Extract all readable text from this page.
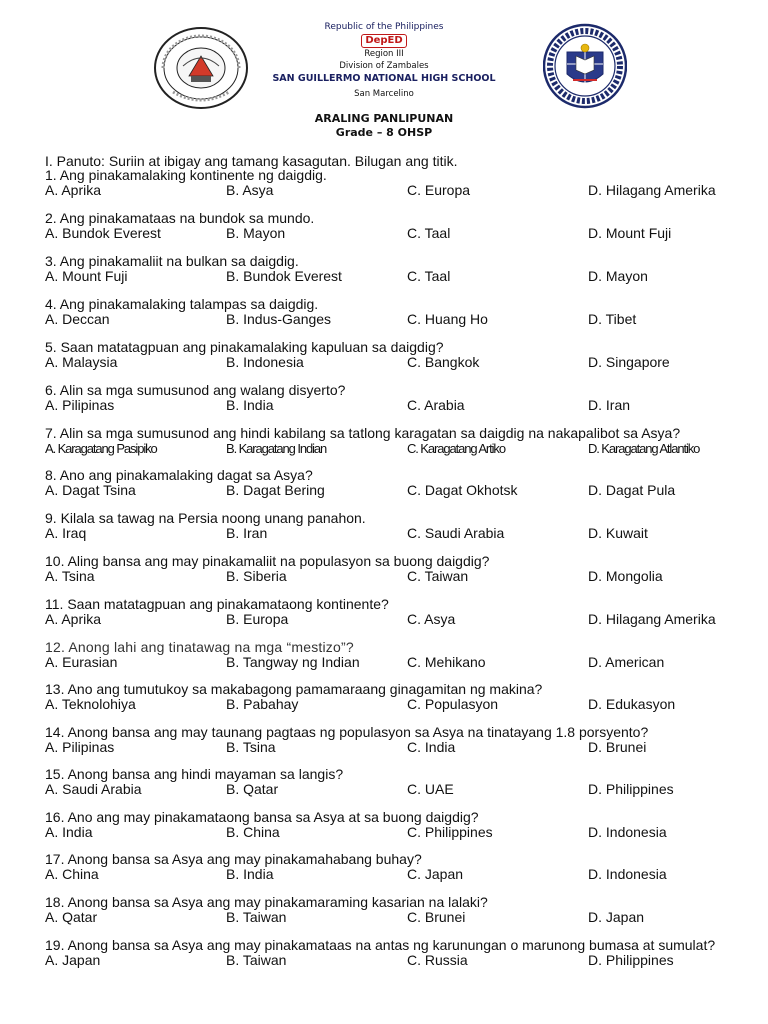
Republic of the Philippines
DepED
Region III
Division of Zambales
SAN GUILLERMO NATIONAL HIGH SCHOOL
San Marcelino
ARALING PANLIPUNAN
Grade – 8 OHSP
I. Panuto: Suriin at ibigay ang tamang kasagutan. Bilugan ang titik.
1. Ang pinakamalaking kontinente ng daigdig.
A. Aprika	B. Asya	C. Europa	D. Hilagang Amerika
2. Ang pinakamataas na bundok sa mundo.
A. Bundok Everest	B. Mayon	C. Taal	D. Mount Fuji
3. Ang pinakamaliit na bulkan sa daigdig.
A. Mount Fuji	B. Bundok Everest	C. Taal	D. Mayon
4. Ang pinakamalaking talampas sa daigdig.
A. Deccan	B. Indus-Ganges	C. Huang Ho	D. Tibet
5. Saan matatagpuan ang pinakamalaking kapuluan sa daigdig?
A. Malaysia	B. Indonesia	C. Bangkok	D. Singapore
6. Alin sa mga sumusunod ang walang disyerto?
A. Pilipinas	B. India	C. Arabia	D. Iran
7. Alin sa mga sumusunod ang hindi kabilang sa tatlong karagatan sa daigdig na nakapalibot sa Asya?
A. Karagatang Pasipiko	B. Karagatang Indian	C. Karagatang Artiko	D. Karagatang Atlantiko
8. Ano ang pinakamalaking dagat sa Asya?
A. Dagat Tsina	B. Dagat Bering	C. Dagat Okhotsk	D. Dagat Pula
9. Kilala sa tawag na Persia noong unang panahon.
A. Iraq	B. Iran	C. Saudi Arabia	D. Kuwait
10. Aling bansa ang may pinakamaliit na populasyon sa buong daigdig?
A. Tsina	B. Siberia	C. Taiwan	D. Mongolia
11. Saan matatagpuan ang pinakamataong kontinente?
A. Aprika	B. Europa	C. Asya	D. Hilagang Amerika
12. Anong lahi ang tinatawag na mga “mestizo”?
A. Eurasian	B. Tangway ng Indian	C. Mehikano	D. American
13. Ano ang tumutukoy sa makabagong pamamaraang ginagamitan ng makina?
A. Teknolohiya	B. Pabahay	C. Populasyon	D. Edukasyon
14. Anong bansa ang may taunang pagtaas ng populasyon sa Asya na tinatayang 1.8 porsyento?
A. Pilipinas	B. Tsina	C. India	D. Brunei
15. Anong bansa ang hindi mayaman sa langis?
A. Saudi Arabia	B. Qatar	C. UAE	D. Philippines
16. Ano ang may pinakamataong bansa sa Asya at sa buong daigdig?
A. India	B. China	C. Philippines	D. Indonesia
17. Anong bansa sa Asya ang may pinakamahabang buhay?
A. China	B. India	C. Japan	D. Indonesia
18. Anong bansa sa Asya ang may pinakamaraming kasarian na lalaki?
A. Qatar	B. Taiwan	C. Brunei	D. Japan
19. Anong bansa sa Asya ang may pinakamataas na antas ng karunungan o marunong bumasa at sumulat?
A. Japan	B. Taiwan	C. Russia	D. Philippines
